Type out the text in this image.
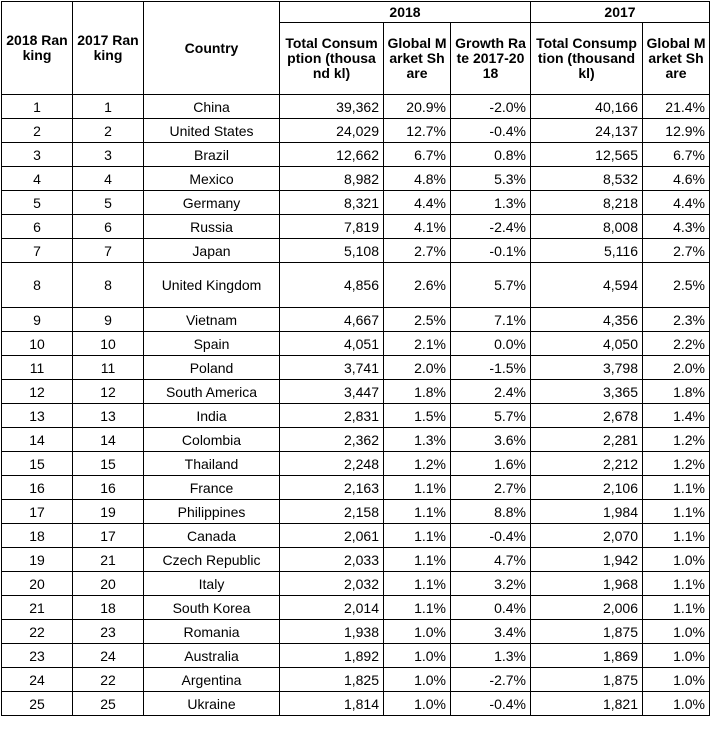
2018 Ranking	2017 Ranking	Country	2018			2017	
			Total Consumption (thousand kl)	Global Market Share	Growth Rate 2017-2018	Total Consumption (thousand kl)	Global Market Share
1	1	China	39,362	20.9%	-2.0%	40,166	21.4%
2	2	United States	24,029	12.7%	-0.4%	24,137	12.9%
3	3	Brazil	12,662	6.7%	0.8%	12,565	6.7%
4	4	Mexico	8,982	4.8%	5.3%	8,532	4.6%
5	5	Germany	8,321	4.4%	1.3%	8,218	4.4%
6	6	Russia	7,819	4.1%	-2.4%	8,008	4.3%
7	7	Japan	5,108	2.7%	-0.1%	5,116	2.7%
8	8	United Kingdom	4,856	2.6%	5.7%	4,594	2.5%
9	9	Vietnam	4,667	2.5%	7.1%	4,356	2.3%
10	10	Spain	4,051	2.1%	0.0%	4,050	2.2%
11	11	Poland	3,741	2.0%	-1.5%	3,798	2.0%
12	12	South America	3,447	1.8%	2.4%	3,365	1.8%
13	13	India	2,831	1.5%	5.7%	2,678	1.4%
14	14	Colombia	2,362	1.3%	3.6%	2,281	1.2%
15	15	Thailand	2,248	1.2%	1.6%	2,212	1.2%
16	16	France	2,163	1.1%	2.7%	2,106	1.1%
17	19	Philippines	2,158	1.1%	8.8%	1,984	1.1%
18	17	Canada	2,061	1.1%	-0.4%	2,070	1.1%
19	21	Czech Republic	2,033	1.1%	4.7%	1,942	1.0%
20	20	Italy	2,032	1.1%	3.2%	1,968	1.1%
21	18	South Korea	2,014	1.1%	0.4%	2,006	1.1%
22	23	Romania	1,938	1.0%	3.4%	1,875	1.0%
23	24	Australia	1,892	1.0%	1.3%	1,869	1.0%
24	22	Argentina	1,825	1.0%	-2.7%	1,875	1.0%
25	25	Ukraine	1,814	1.0%	-0.4%	1,821	1.0%
